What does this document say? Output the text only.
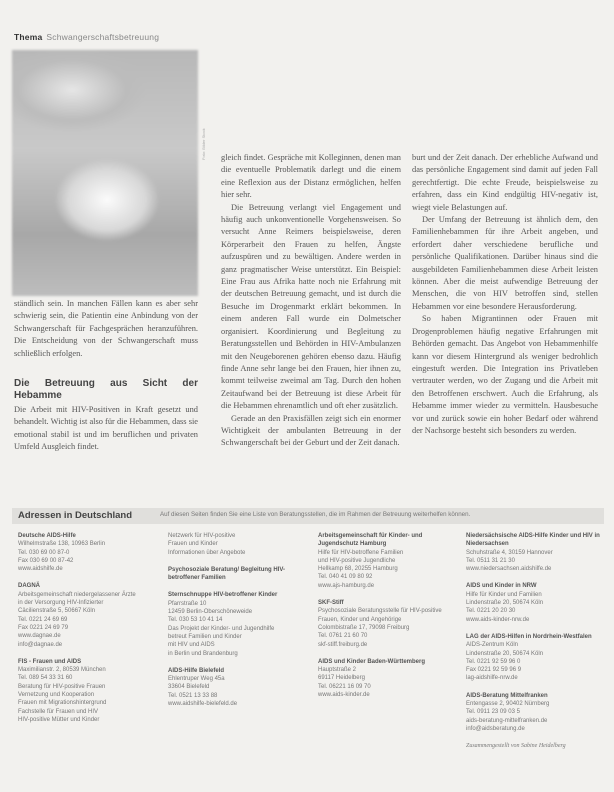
Thema Schwangerschaftsbetreuung
Foto: Bilder Stock

ständlich sein. In manchen Fällen kann es aber sehr schwierig sein, die Patientin eine Anbindung von der Schwangerschaft für Fachgesprächen heranzuführen. Die Entscheidung von der Schwangerschaft muss schließlich erfolgen.

Die Betreuung aus Sicht der Hebamme

Die Arbeit mit HIV-Positiven in Kraft gesetzt und behandelt. Wichtig ist also für die Hebammen, dass sie emotional stabil ist und im beruflichen und privaten Umfeld Ausgleich findet.

gleich findet. Gespräche mit Kolleginnen, denen man die eventuelle Problematik darlegt und die einem eine Reflexion aus der Distanz ermöglichen, helfen hier sehr.

Die Betreuung verlangt viel Engagement und häufig auch unkonventionelle Vorgehensweisen. So versucht Anne Reimers beispielsweise, deren Körperarbeit den Frauen zu helfen, Ängste aufzuspüren und zu bewältigen. Andere werden in ganz pragmatischer Weise unterstützt. Ein Beispiel: Eine Frau aus Afrika hatte noch nie Erfahrung mit der deutschen Betreuung gemacht, und ist durch die Besuche im Drogenmarkt erklärt bekommen. In einem anderen Fall wurde ein Dolmetscher organisiert. Koordinierung und Begleitung zu Beratungsstellen und Behörden in HIV-Ambulanzen mit den Neugeborenen gehören ebenso dazu. Häufig finde Anne sehr lange bei den Frauen, hier ihnen zu, kommt teilweise zweimal am Tag. Durch den hohen Zeitaufwand bei der Betreuung ist diese Arbeit für die Hebammen ehrenamtlich und oft eher zusätzlich.

Gerade an den Praxisfällen zeigt sich ein enormer Wichtigkeit der ambulanten Betreuung in der Schwangerschaft bei der Geburt und der Zeit danach.

burt und der Zeit danach. Der erhebliche Aufwand und das persönliche Engagement sind damit auf jeden Fall gerechtfertigt. Die echte Freude, beispielsweise zu erfahren, dass ein Kind endgültig HIV-negativ ist, wiegt viele Belastungen auf.

Der Umfang der Betreuung ist ähnlich dem, den Familienhebammen für ihre Arbeit angeben, und erfordert daher verschiedene berufliche und persönliche Qualifikationen. Darüber hinaus sind die ausgebildeten Familienhebammen diese Arbeit leisten können. Aber die meist aufwendige Betreuung der Menschen, die von HIV betroffen sind, stellen Hebammen vor eine besondere Herausforderung.

So haben Migrantinnen oder Frauen mit Drogenproblemen häufig negative Erfahrungen mit Behörden gemacht. Das Angebot von Hebammenhilfe kann vor diesem Hintergrund als weniger bedrohlich eingestuft werden. Die Integration ins Privatleben vertrauter werden, wo der Zugang und die Arbeit mit den Betroffenen erschwert. Auch die Erfahrung, als Hebamme immer wieder zu vermitteln. Hausbesuche vor und zurück sowie ein hoher Bedarf oder während der Nachsorge besteht sich besonders zu werden.

Adressen in Deutschland	Auf diesen Seiten finden Sie eine Liste von Beratungsstellen, die im Rahmen der Betreuung weiterhelfen können.
Deutsche AIDS-Hilfe
Wilhelmstraße 138, 10963 Berlin
Tel. 030 69 00 87-0
Fax 030 69 00 87-42
www.aidshilfe.de
DAGNÄ
Arbeitsgemeinschaft niedergelassener Ärzte
in der Versorgung HIV-Infizierter
Cäcilienstraße 5, 50667 Köln
Tel. 0221 24 69 69
Fax 0221 24 69 79
www.dagnae.de
info@dagnae.de
FIS - Frauen und AIDS
Maximilianstr. 2, 80539 München
Tel. 089 54 33 31 60
Beratung für HIV-positive Frauen
Vernetzung und Kooperation
Frauen mit Migrationshintergrund
Fachstelle für Frauen und HIV
HIV-positive Mütter und Kinder
Netzwerk für HIV-positive
Frauen und Kinder
Informationen über Angebote
Psychosoziale Beratung/ Begleitung HIV-betroffener Familien
Sternschnuppe HIV-betroffener Kinder
Pfarrstraße 10
12459 Berlin-Oberschöneweide
Tel. 030 53 10 41 14
Das Projekt der Kinder- und Jugendhilfe
betreut Familien und Kinder
mit HIV und AIDS
in Berlin und Brandenburg
AIDS-Hilfe Bielefeld
Ehlentruper Weg 45a
33604 Bielefeld
Tel. 0521 13 33 88
www.aidshilfe-bielefeld.de
Arbeitsgemeinschaft für Kinder- und Jugendschutz Hamburg
Hilfe für HIV-betroffene Familien
und HIV-positive Jugendliche
Hellkamp 68, 20255 Hamburg
Tel. 040 41 09 80 92
www.ajs-hamburg.de
SKF-Stiff
Psychosoziale Beratungsstelle für HIV-positive Frauen, Kinder und Angehörige
Colombistraße 17, 79098 Freiburg
Tel. 0761 21 60 70
skf-stiff.freiburg.de
AIDS und Kinder Baden-Württemberg
Hauptstraße 2
69117 Heidelberg
Tel. 06221 16 09 70
www.aids-kinder.de
Niedersächsische AIDS-Hilfe Kinder und HIV in Niedersachsen
Schuhstraße 4, 30159 Hannover
Tel. 0511 31 21 30
www.niedersachsen.aidshilfe.de
AIDS und Kinder in NRW
Hilfe für Kinder und Familien
Lindenstraße 20, 50674 Köln
Tel. 0221 20 20 30
www.aids-kinder-nrw.de
LAG der AIDS-Hilfen in Nordrhein-Westfalen
AIDS-Zentrum Köln
Lindenstraße 20, 50674 Köln
Tel. 0221 92 59 96 0
Fax 0221 92 59 96 9
lag-aidshilfe-nrw.de
AIDS-Beratung Mittelfranken
Entengasse 2, 90402 Nürnberg
Tel. 0911 23 09 03 5
aids-beratung-mittelfranken.de
info@aidsberatung.de
Zusammengestellt von Sabine Heidelberg
